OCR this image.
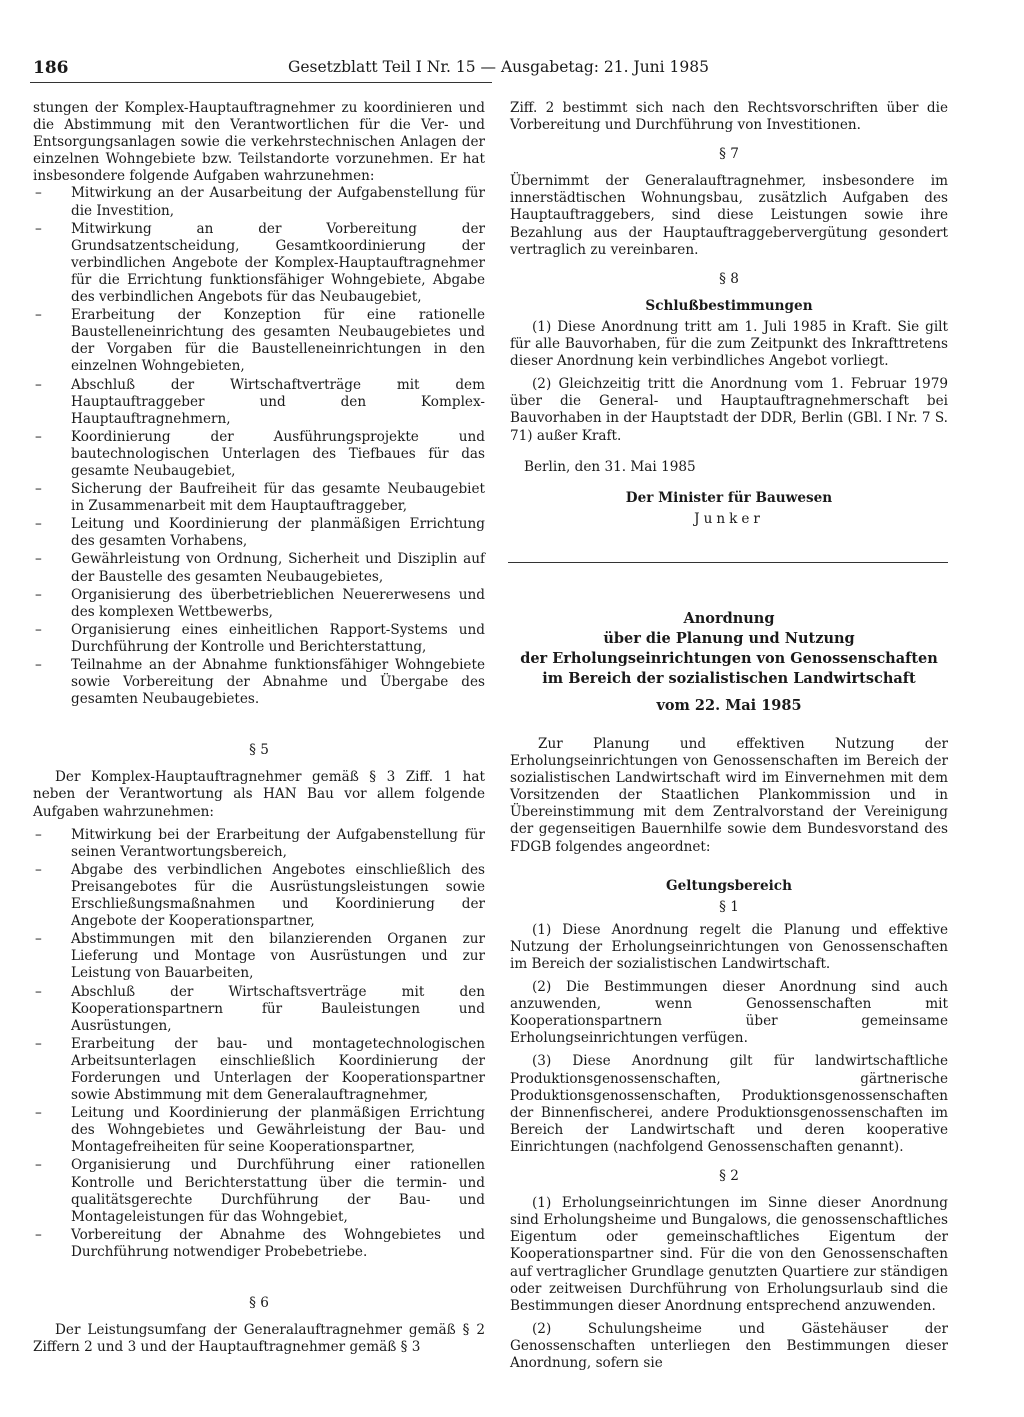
186	Gesetzblatt Teil I Nr. 15 — Ausgabetag: 21. Juni 1985

stungen der Komplex-Hauptauftragnehmer zu koordinieren und die Abstimmung mit den Verantwortlichen für die Ver- und Entsorgungsanlagen sowie die verkehrstechnischen Anlagen der einzelnen Wohngebiete bzw. Teilstandorte vorzunehmen. Er hat insbesondere folgende Aufgaben wahrzunehmen:

– Mitwirkung an der Ausarbeitung der Aufgabenstellung für die Investition,
– Mitwirkung an der Vorbereitung der Grundsatzentscheidung, Gesamtkoordinierung der verbindlichen Angebote der Komplex-Hauptauftragnehmer für die Errichtung funktionsfähiger Wohngebiete, Abgabe des verbindlichen Angebots für das Neubaugebiet,
– Erarbeitung der Konzeption für eine rationelle Baustelleneinrichtung des gesamten Neubaugebietes und der Vorgaben für die Baustelleneinrichtungen in den einzelnen Wohngebieten,
– Abschluß der Wirtschaftverträge mit dem Hauptauftraggeber und den Komplex-Hauptauftragnehmern,
– Koordinierung der Ausführungsprojekte und bautechnologischen Unterlagen des Tiefbaues für das gesamte Neubaugebiet,
– Sicherung der Baufreiheit für das gesamte Neubaugebiet in Zusammenarbeit mit dem Hauptauftraggeber,
– Leitung und Koordinierung der planmäßigen Errichtung des gesamten Vorhabens,
– Gewährleistung von Ordnung, Sicherheit und Disziplin auf der Baustelle des gesamten Neubaugebietes,
– Organisierung des überbetrieblichen Neuererwesens und des komplexen Wettbewerbs,
– Organisierung eines einheitlichen Rapport-Systems und Durchführung der Kontrolle und Berichterstattung,
– Teilnahme an der Abnahme funktionsfähiger Wohngebiete sowie Vorbereitung der Abnahme und Übergabe des gesamten Neubaugebietes.
§ 5

Der Komplex-Hauptauftragnehmer gemäß § 3 Ziff. 1 hat neben der Verantwortung als HAN Bau vor allem folgende Aufgaben wahrzunehmen:

– Mitwirkung bei der Erarbeitung der Aufgabenstellung für seinen Verantwortungsbereich,
– Abgabe des verbindlichen Angebotes einschließlich des Preisangebotes für die Ausrüstungsleistungen sowie Erschließungsmaßnahmen und Koordinierung der Angebote der Kooperationspartner,
– Abstimmungen mit den bilanzierenden Organen zur Lieferung und Montage von Ausrüstungen und zur Leistung von Bauarbeiten,
– Abschluß der Wirtschaftsverträge mit den Kooperationspartnern für Bauleistungen und Ausrüstungen,
– Erarbeitung der bau- und montagetechnologischen Arbeitsunterlagen einschließlich Koordinierung der Forderungen und Unterlagen der Kooperationspartner sowie Abstimmung mit dem Generalauftragnehmer,
– Leitung und Koordinierung der planmäßigen Errichtung des Wohngebietes und Gewährleistung der Bau- und Montagefreiheiten für seine Kooperationspartner,
– Organisierung und Durchführung einer rationellen Kontrolle und Berichterstattung über die termin- und qualitätsgerechte Durchführung der Bau- und Montageleistungen für das Wohngebiet,
– Vorbereitung der Abnahme des Wohngebietes und Durchführung notwendiger Probebetriebe.
§ 6

Der Leistungsumfang der Generalauftragnehmer gemäß § 2 Ziffern 2 und 3 und der Hauptauftragnehmer gemäß § 3

Ziff. 2 bestimmt sich nach den Rechtsvorschriften über die Vorbereitung und Durchführung von Investitionen.

§ 7

Übernimmt der Generalauftragnehmer, insbesondere im innerstädtischen Wohnungsbau, zusätzlich Aufgaben des Hauptauftraggebers, sind diese Leistungen sowie ihre Bezahlung aus der Hauptauftraggebervergütung gesondert vertraglich zu vereinbaren.

§ 8
Schlußbestimmungen

(1) Diese Anordnung tritt am 1. Juli 1985 in Kraft. Sie gilt für alle Bauvorhaben, für die zum Zeitpunkt des Inkrafttretens dieser Anordnung kein verbindliches Angebot vorliegt.

(2) Gleichzeitig tritt die Anordnung vom 1. Februar 1979 über die General- und Hauptauftragnehmerschaft bei Bauvorhaben in der Hauptstadt der DDR, Berlin (GBl. I Nr. 7 S. 71) außer Kraft.

Berlin, den 31. Mai 1985
Der Minister für Bauwesen
Junker
Anordnung
über die Planung und Nutzung
der Erholungseinrichtungen von Genossenschaften
im Bereich der sozialistischen Landwirtschaft
vom 22. Mai 1985

Zur Planung und effektiven Nutzung der Erholungseinrichtungen von Genossenschaften im Bereich der sozialistischen Landwirtschaft wird im Einvernehmen mit dem Vorsitzenden der Staatlichen Plankommission und in Übereinstimmung mit dem Zentralvorstand der Vereinigung der gegenseitigen Bauernhilfe sowie dem Bundesvorstand des FDGB folgendes angeordnet:

Geltungsbereich
§ 1

(1) Diese Anordnung regelt die Planung und effektive Nutzung der Erholungseinrichtungen von Genossenschaften im Bereich der sozialistischen Landwirtschaft.

(2) Die Bestimmungen dieser Anordnung sind auch anzuwenden, wenn Genossenschaften mit Kooperationspartnern über gemeinsame Erholungseinrichtungen verfügen.

(3) Diese Anordnung gilt für landwirtschaftliche Produktionsgenossenschaften, gärtnerische Produktionsgenossenschaften, Produktionsgenossenschaften der Binnenfischerei, andere Produktionsgenossenschaften im Bereich der Landwirtschaft und deren kooperative Einrichtungen (nachfolgend Genossenschaften genannt).

§ 2

(1) Erholungseinrichtungen im Sinne dieser Anordnung sind Erholungsheime und Bungalows, die genossenschaftliches Eigentum oder gemeinschaftliches Eigentum der Kooperationspartner sind. Für die von den Genossenschaften auf vertraglicher Grundlage genutzten Quartiere zur ständigen oder zeitweisen Durchführung von Erholungsurlaub sind die Bestimmungen dieser Anordnung entsprechend anzuwenden.

(2) Schulungsheime und Gästehäuser der Genossenschaften unterliegen den Bestimmungen dieser Anordnung, sofern sie
